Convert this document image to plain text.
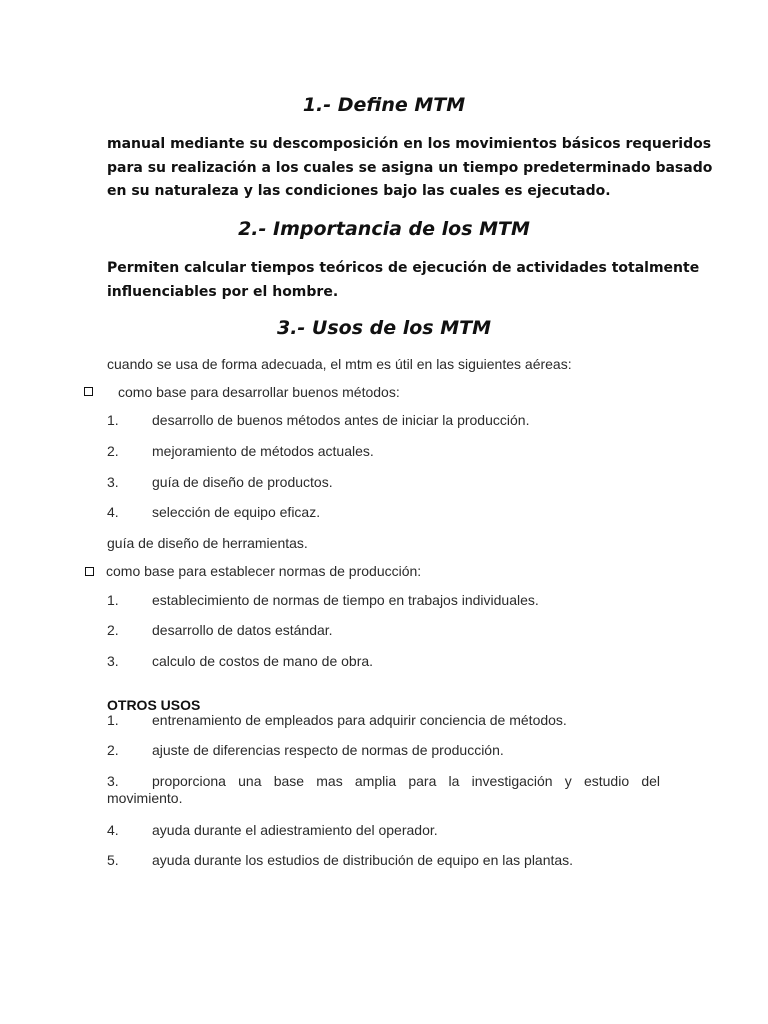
1.- Define MTM
manual mediante su descomposición en los movimientos básicos requeridos
para su realización a los cuales se asigna un tiempo predeterminado basado
en su naturaleza y las condiciones bajo las cuales es ejecutado.
2.- Importancia de los MTM
Permiten calcular tiempos teóricos de ejecución de actividades totalmente
influenciables por el hombre.
3.- Usos de los MTM

cuando se usa de forma adecuada, el mtm es útil en las siguientes aéreas:

como base para desarrollar buenos métodos:

1. desarrollo de buenos métodos antes de iniciar la producción.
2. mejoramiento de métodos actuales.
3. guía de diseño de productos.
4. selección de equipo eficaz.

guía de diseño de herramientas.

como base para establecer normas de producción:

1. establecimiento de normas de tiempo en trabajos individuales.
2. desarrollo de datos estándar.
3. calculo de costos de mano de obra.

OTROS USOS

1. entrenamiento de empleados para adquirir conciencia de métodos.
2. ajuste de diferencias respecto de normas de producción.
3. proporciona una base mas amplia para la investigación y estudio del
movimiento.
4. ayuda durante el adiestramiento del operador.
5. ayuda durante los estudios de distribución de equipo en las plantas.
